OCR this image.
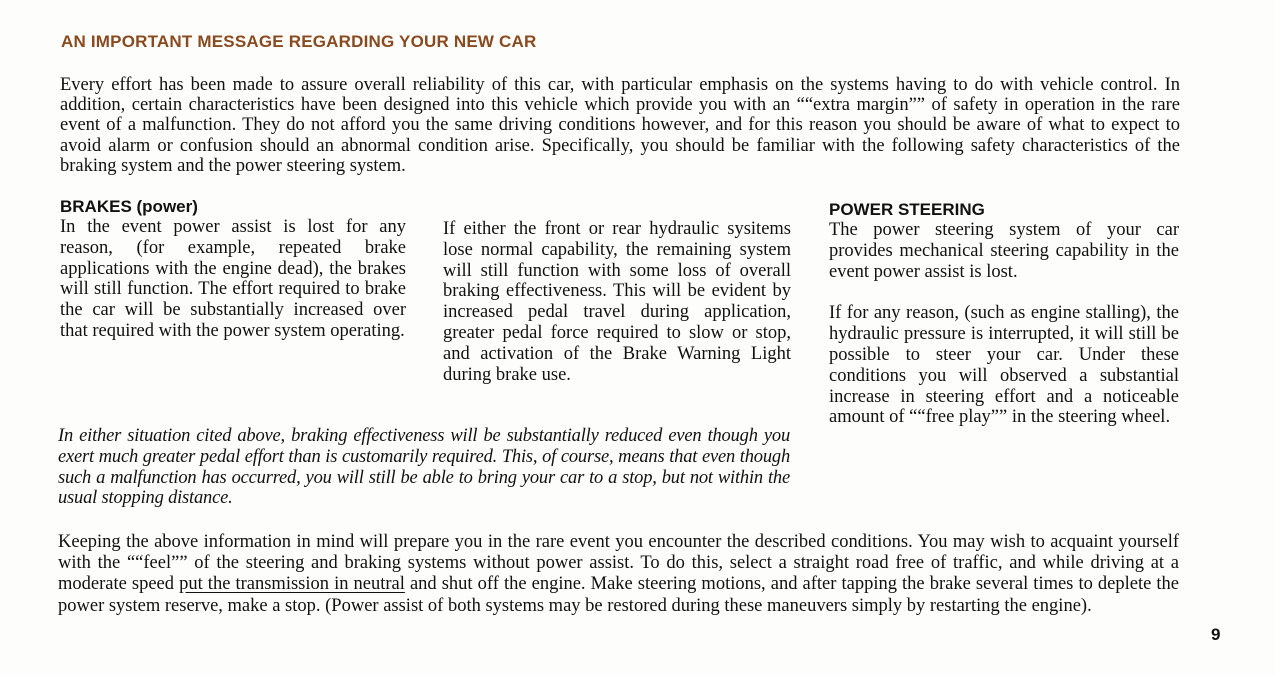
AN IMPORTANT MESSAGE REGARDING YOUR NEW CAR

Every effort has been made to assure overall reliability of this car, with particular emphasis on the systems having to do with vehicle control. In addition, certain characteristics have been designed into this vehicle which provide you with an ““extra margin”” of safety in operation in the rare event of a malfunction. They do not afford you the same driving conditions however, and for this reason you should be aware of what to expect to avoid alarm or confusion should an abnormal condition arise. Specifically, you should be familiar with the following safety characteristics of the braking system and the power steering system.

BRAKES (power)

In the event power assist is lost for any reason, (for example, repeated brake applications with the engine dead), the brakes will still function. The effort required to brake the car will be substantially increased over that required with the power system operating.

If either the front or rear hydraulic sysitems lose normal capability, the remaining system will still function with some loss of overall braking effectiveness. This will be evident by increased pedal travel during application, greater pedal force required to slow or stop, and activation of the Brake Warning Light during brake use.

In either situation cited above, braking effectiveness will be substantially reduced even though you exert much greater pedal effort than is customarily required. This, of course, means that even though such a malfunction has occurred, you will still be able to bring your car to a stop, but not within the usual stopping distance.

POWER STEERING

The power steering system of your car provides mechanical steering capability in the event power assist is lost.

If for any reason, (such as engine stalling), the hydraulic pressure is interrupted, it will still be possible to steer your car. Under these conditions you will observed a substantial increase in steering effort and a noticeable amount of ““free play”” in the steering wheel.

Keeping the above information in mind will prepare you in the rare event you encounter the described conditions. You may wish to acquaint yourself with the ““feel”” of the steering and braking systems without power assist. To do this, select a straight road free of traffic, and while driving at a moderate speed put the transmission in neutral and shut off the engine. Make steering motions, and after tapping the brake several times to deplete the power system reserve, make a stop. (Power assist of both systems may be restored during these maneuvers simply by restarting the engine).

9
